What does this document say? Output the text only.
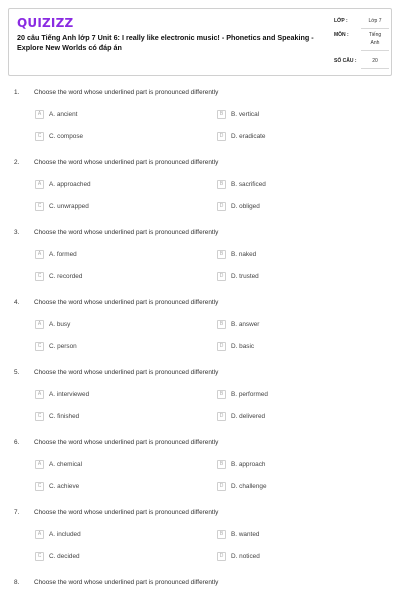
QUIZIZZ
20 câu Tiếng Anh lớp 7 Unit 6: I really like electronic music! - Phonetics and Speaking - Explore New Worlds có đáp án
LỚP :	Lớp 7
MÔN :	Tiếng
Anh
SỐ CÂU :	20
1. Choose the word whose underlined part is pronounced differently
A	A. ancient	B	B. vertical
C	C. compose	D	D. eradicate
2. Choose the word whose underlined part is pronounced differently
A	A. approached	B	B. sacrificed
C	C. unwrapped	D	D. obliged
3. Choose the word whose underlined part is pronounced differently
A	A. formed	B	B. naked
C	C. recorded	D	D. trusted
4. Choose the word whose underlined part is pronounced differently
A	A. busy	B	B. answer
C	C. person	D	D. basic
5. Choose the word whose underlined part is pronounced differently
A	A. interviewed	B	B. performed
C	C. finished	D	D. delivered
6. Choose the word whose underlined part is pronounced differently
A	A. chemical	B	B. approach
C	C. achieve	D	D. challenge
7. Choose the word whose underlined part is pronounced differently
A	A. included	B	B. wanted
C	C. decided	D	D. noticed
8. Choose the word whose underlined part is pronounced differently
